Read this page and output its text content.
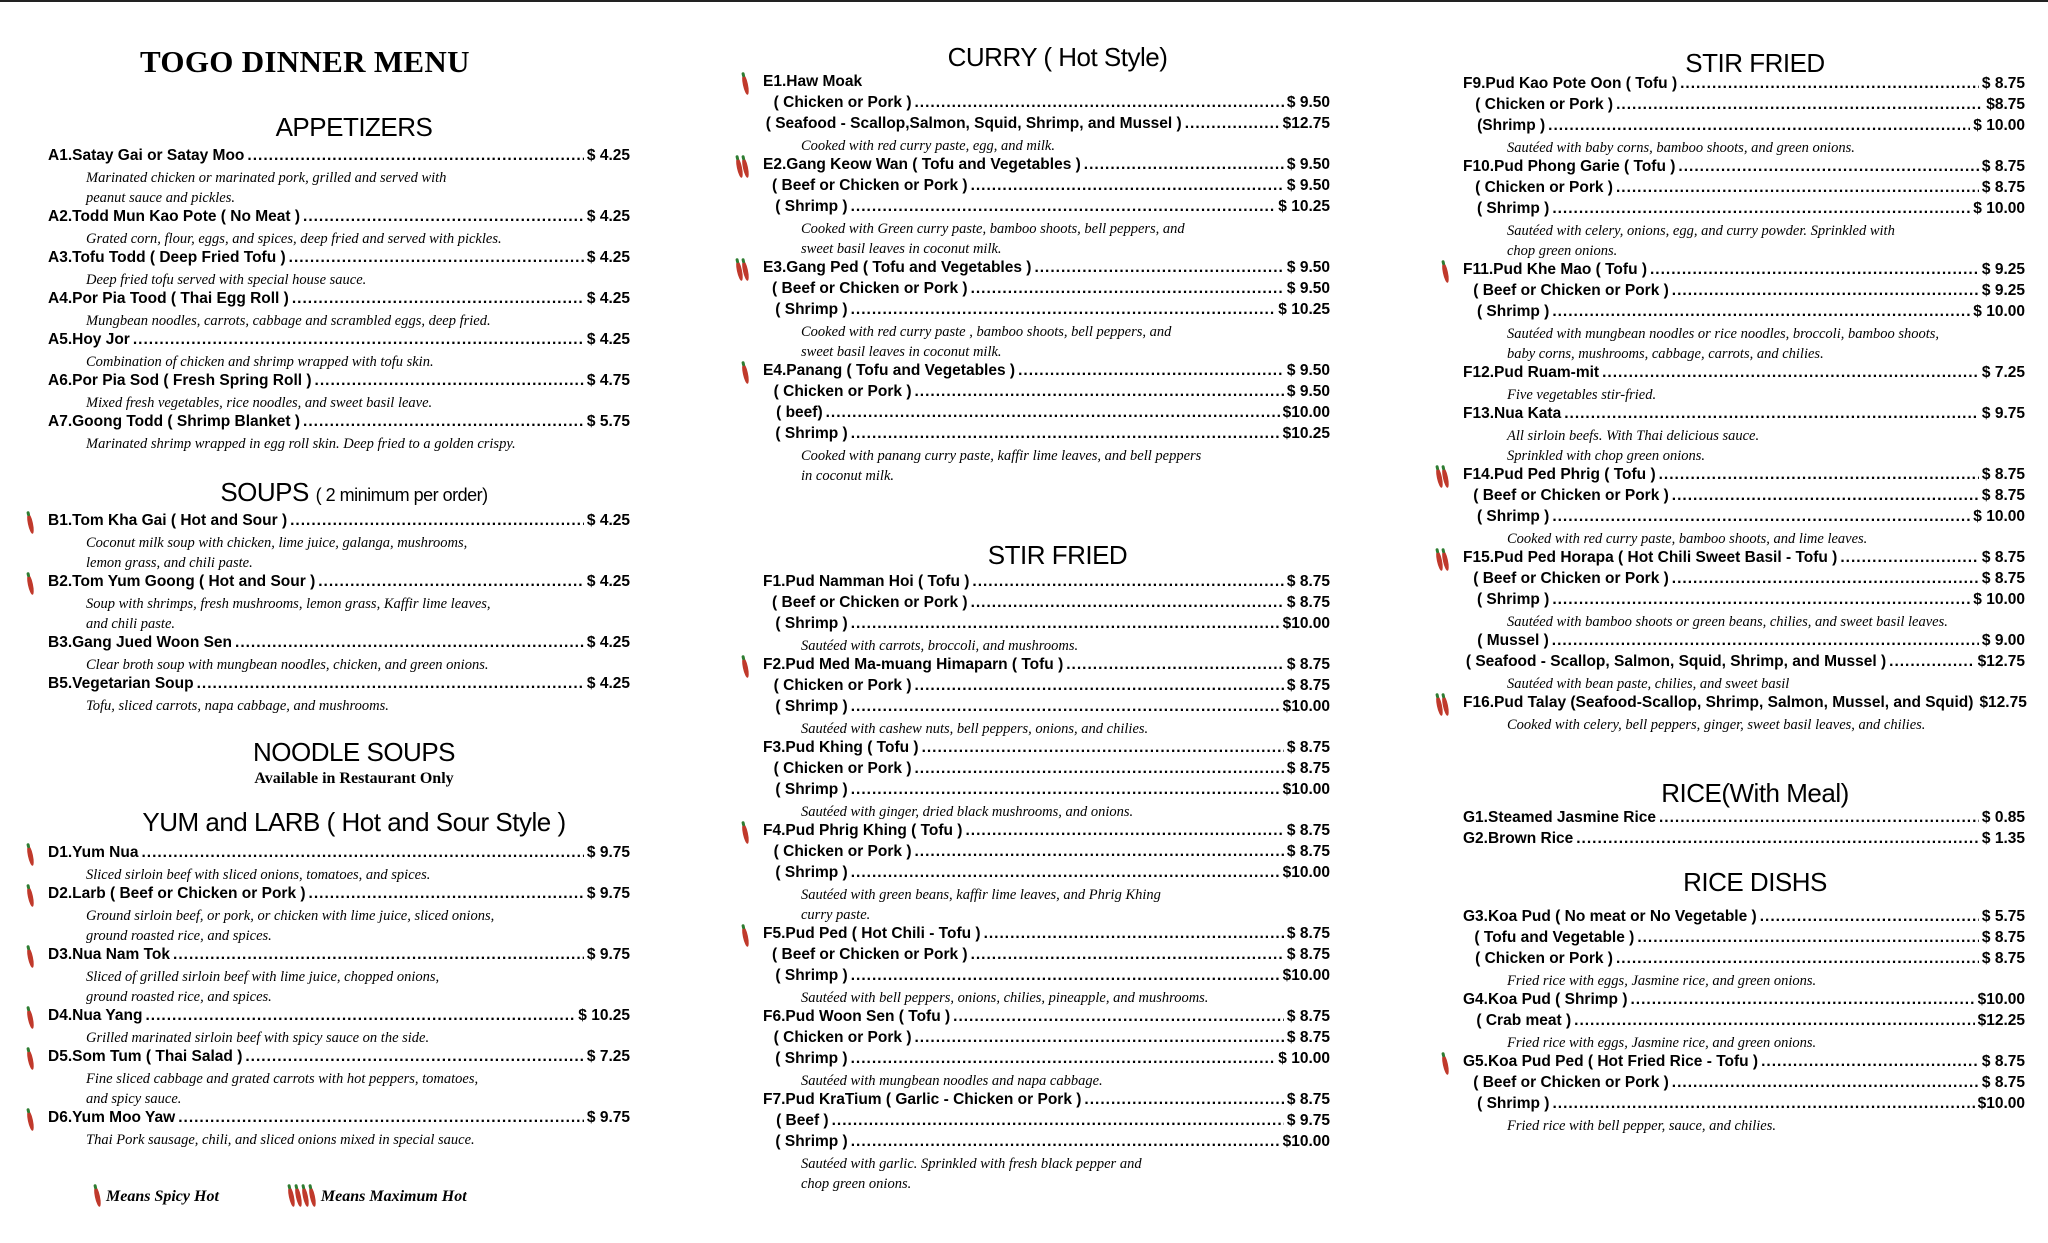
TOGO DINNER MENU
APPETIZERS
A1. Satay Gai or Satay Moo .....	$ 4.25
Marinated chicken or marinated pork, grilled and served with
peanut sauce and pickles.
A2. Todd Mun Kao Pote ( No Meat ) .....	$ 4.25
Grated corn, flour, eggs, and spices, deep fried and served with pickles.
A3. Tofu Todd ( Deep Fried Tofu ) .....	$ 4.25
Deep fried tofu served with special house sauce.
A4. Por Pia Tood ( Thai Egg Roll ) .....	$ 4.25
Mungbean noodles, carrots, cabbage and scrambled eggs, deep fried.
A5. Hoy Jor .....	$ 4.25
Combination of chicken and shrimp wrapped with tofu skin.
A6. Por Pia Sod ( Fresh Spring Roll ) .....	$ 4.75
Mixed fresh vegetables, rice noodles, and sweet basil leave.
A7. Goong Todd ( Shrimp Blanket ) .....	$ 5.75
Marinated shrimp wrapped in egg roll skin. Deep fried to a golden crispy.
SOUPS ( 2 minimum per order)
B1. Tom Kha Gai ( Hot and Sour ) .....	$ 4.25
Coconut milk soup with chicken, lime juice, galanga, mushrooms,
lemon grass, and chili paste.
B2. Tom Yum Goong ( Hot and Sour ) .....	$ 4.25
Soup with shrimps, fresh mushrooms, lemon grass, Kaffir lime leaves,
and chili paste.
B3. Gang Jued Woon Sen .....	$ 4.25
Clear broth soup with mungbean noodles, chicken, and green onions.
B5. Vegetarian Soup .....	$ 4.25
Tofu, sliced carrots, napa cabbage, and mushrooms.
NOODLE SOUPS
Available in Restaurant Only
YUM and LARB ( Hot and Sour Style )
D1. Yum Nua .....	$ 9.75
Sliced sirloin beef with sliced onions, tomatoes, and spices.
D2. Larb ( Beef or Chicken or Pork ) .....	$ 9.75
Ground sirloin beef, or pork, or chicken with lime juice, sliced onions,
ground roasted rice, and spices.
D3. Nua Nam Tok .....	$ 9.75
Sliced of grilled sirloin beef with lime juice, chopped onions,
ground roasted rice, and spices.
D4. Nua Yang .....	$ 10.25
Grilled marinated sirloin beef with spicy sauce on the side.
D5. Som Tum ( Thai Salad ) .....	$ 7.25
Fine sliced cabbage and grated carrots with hot peppers, tomatoes,
and spicy sauce.
D6. Yum Moo Yaw .....	$ 9.75
Thai Pork sausage, chili, and sliced onions mixed in special sauce.
CURRY ( Hot Style)
E1. Haw Moak
( Chicken or Pork ) .....	$ 9.50
( Seafood - Scallop,Salmon, Squid, Shrimp, and Mussel ) .....	$12.75
Cooked with red curry paste, egg, and milk.
E2. Gang Keow Wan ( Tofu and Vegetables ) .....	$ 9.50
( Beef or Chicken or Pork ) .....	$ 9.50
( Shrimp ) .....	$ 10.25
Cooked with Green curry paste, bamboo shoots, bell peppers, and
sweet basil leaves in coconut milk.
E3. Gang Ped ( Tofu and Vegetables ) .....	$ 9.50
( Beef or Chicken or Pork ) .....	$ 9.50
( Shrimp ) .....	$ 10.25
Cooked with red curry paste , bamboo shoots, bell peppers, and
sweet basil leaves in coconut milk.
E4. Panang ( Tofu and Vegetables ) .....	$ 9.50
( Chicken or Pork ) .....	$ 9.50
( beef) .....	$10.00
( Shrimp ) .....	$10.25
Cooked with panang curry paste, kaffir lime leaves, and bell peppers
in coconut milk.
STIR FRIED
F1. Pud Namman Hoi ( Tofu ) .....	$ 8.75
( Beef or Chicken or Pork ) .....	$ 8.75
( Shrimp ) .....	$10.00
Sautéed with carrots, broccoli, and mushrooms.
F2. Pud Med Ma-muang Himaparn ( Tofu ) .....	$ 8.75
( Chicken or Pork ) .....	$ 8.75
( Shrimp ) .....	$10.00
Sautéed with cashew nuts, bell peppers, onions, and chilies.
F3. Pud Khing ( Tofu ) .....	$ 8.75
( Chicken or Pork ) .....	$ 8.75
( Shrimp ) .....	$10.00
Sautéed with ginger, dried black mushrooms, and onions.
F4. Pud Phrig Khing ( Tofu ) .....	$ 8.75
( Chicken or Pork ) .....	$ 8.75
( Shrimp ) .....	$10.00
Sautéed with green beans, kaffir lime leaves, and Phrig Khing
curry paste.
F5. Pud Ped ( Hot Chili - Tofu ) .....	$ 8.75
( Beef or Chicken or Pork ) .....	$ 8.75
( Shrimp ) .....	$10.00
Sautéed with bell peppers, onions, chilies, pineapple, and mushrooms.
F6. Pud Woon Sen ( Tofu ) .....	$ 8.75
( Chicken or Pork ) .....	$ 8.75
( Shrimp ) .....	$ 10.00
Sautéed with mungbean noodles and napa cabbage.
F7. Pud KraTium ( Garlic - Chicken or Pork ) .....	$ 8.75
( Beef ) .....	$ 9.75
( Shrimp ) .....	$10.00
Sautéed with garlic. Sprinkled with fresh black pepper and
chop green onions.
STIR FRIED
F9. Pud Kao Pote Oon ( Tofu ) .....	$ 8.75
( Chicken or Pork ) .....	$8.75
(Shrimp ) .....	$ 10.00
Sautéed with baby corns, bamboo shoots, and green onions.
F10. Pud Phong Garie ( Tofu ) .....	$ 8.75
( Chicken or Pork ) .....	$ 8.75
( Shrimp ) .....	$ 10.00
Sautéed with celery, onions, egg, and curry powder. Sprinkled with
chop green onions.
F11. Pud Khe Mao ( Tofu ) .....	$ 9.25
( Beef or Chicken or Pork ) .....	$ 9.25
( Shrimp ) .....	$ 10.00
Sautéed with mungbean noodles or rice noodles, broccoli, bamboo shoots,
baby corns, mushrooms, cabbage, carrots, and chilies.
F12. Pud Ruam-mit .....	$ 7.25
Five vegetables stir-fried.
F13. Nua Kata .....	$ 9.75
All sirloin beefs. With Thai delicious sauce.
Sprinkled with chop green onions.
F14. Pud Ped Phrig ( Tofu ) .....	$ 8.75
( Beef or Chicken or Pork ) .....	$ 8.75
( Shrimp ) .....	$ 10.00
Cooked with red curry paste, bamboo shoots, and lime leaves.
F15. Pud Ped Horapa ( Hot Chili Sweet Basil - Tofu ) .....	$ 8.75
( Beef or Chicken or Pork ) .....	$ 8.75
( Shrimp ) .....	$ 10.00
Sautéed with bamboo shoots or green beans, chilies, and sweet basil leaves.
( Mussel ) .....	$ 9.00
( Seafood - Scallop, Salmon, Squid, Shrimp, and Mussel ) .....	$12.75
Sautéed with bean paste, chilies, and sweet basil
F16. Pud Talay (Seafood-Scallop, Shrimp, Salmon, Mussel, and Squid) $12.75
Cooked with celery, bell peppers, ginger, sweet basil leaves, and chilies.
RICE(With Meal)
G1. Steamed Jasmine Rice .....	$ 0.85
G2. Brown Rice .....	$ 1.35
RICE DISHS
G3. Koa Pud ( No meat or No Vegetable ) .....	$ 5.75
( Tofu and Vegetable ) .....	$ 8.75
( Chicken or Pork ) .....	$ 8.75
Fried rice with eggs, Jasmine rice, and green onions.
G4. Koa Pud ( Shrimp ) .....	$10.00
( Crab meat ) .....	$12.25
Fried rice with eggs, Jasmine rice, and green onions.
G5. Koa Pud Ped ( Hot Fried Rice - Tofu ) .....	$ 8.75
( Beef or Chicken or Pork ) .....	$ 8.75
( Shrimp ) .....	$10.00
Fried rice with bell pepper, sauce, and chilies.
Means Spicy Hot	Means Maximum Hot
